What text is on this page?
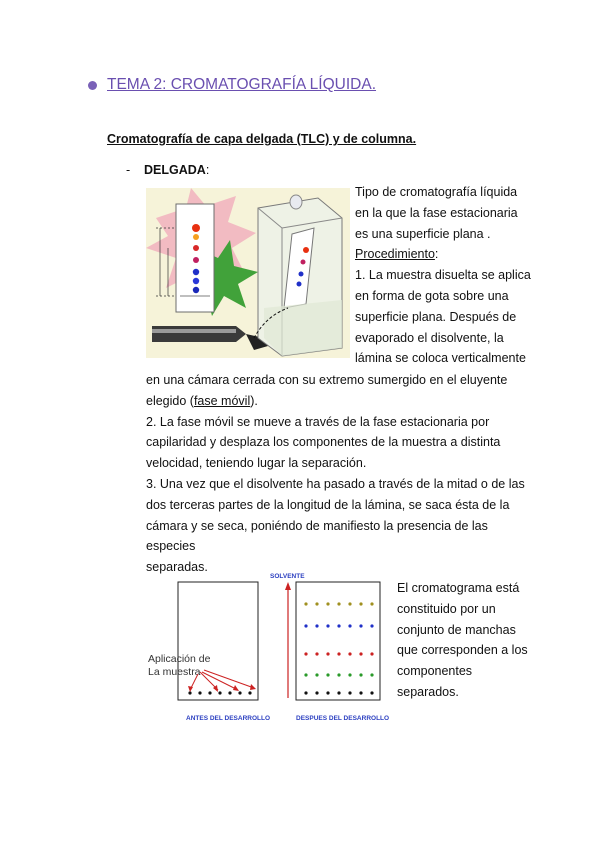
TEMA 2: CROMATOGRAFÍA LÍQUIDA.
Cromatografía de capa delgada (TLC) y de columna.
- DELGADA:
Tipo de cromatografía líquida
en la que la fase estacionaria
es una superficie plana .
Procedimiento:
1. La muestra disuelta se aplica
en forma de gota sobre una
superficie plana. Después de
evaporado el disolvente, la
lámina se coloca verticalmente
en una cámara cerrada con su extremo sumergido en el eluyente
elegido (fase móvil).
2. La fase móvil se mueve a través de la fase estacionaria por
capilaridad y desplaza los componentes de la muestra a distinta
velocidad, teniendo lugar la separación.
3. Una vez que el disolvente ha pasado a través de la mitad o de las
dos terceras partes de la longitud de la lámina, se saca ésta de la
cámara y se seca, poniéndo de manifiesto la presencia de las especies
separadas.
Aplicación de
La muestra
ANTES DEL DESARROLLO
SOLVENTE
DESPUES DEL DESARROLLO
El cromatograma está
constituido por un
conjunto de manchas
que corresponden a los
componentes
separados.
